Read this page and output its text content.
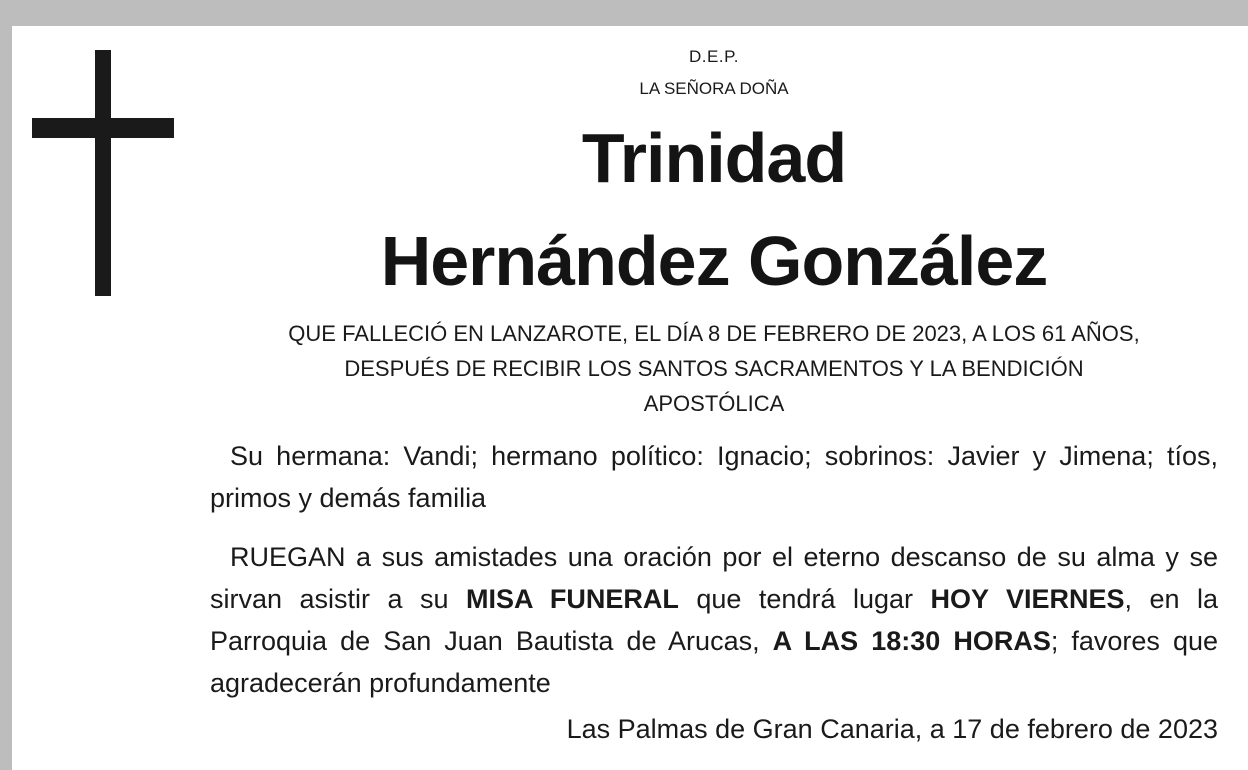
D.E.P.
LA SEÑORA DOÑA
Trinidad
Hernández González
QUE FALLECIÓ EN LANZAROTE, EL DÍA 8 DE FEBRERO DE 2023, A LOS 61 AÑOS,
DESPUÉS DE RECIBIR LOS SANTOS SACRAMENTOS Y LA BENDICIÓN
APOSTÓLICA
Su hermana: Vandi; hermano político: Ignacio; sobrinos: Javier y Jimena; tíos, primos y demás familia
RUEGAN a sus amistades una oración por el eterno descanso de su alma y se sirvan asistir a su MISA FUNERAL que tendrá lugar HOY VIERNES, en la Parroquia de San Juan Bautista de Arucas, A LAS 18:30 HORAS; favores que agradecerán profundamente
Las Palmas de Gran Canaria, a 17 de febrero de 2023
